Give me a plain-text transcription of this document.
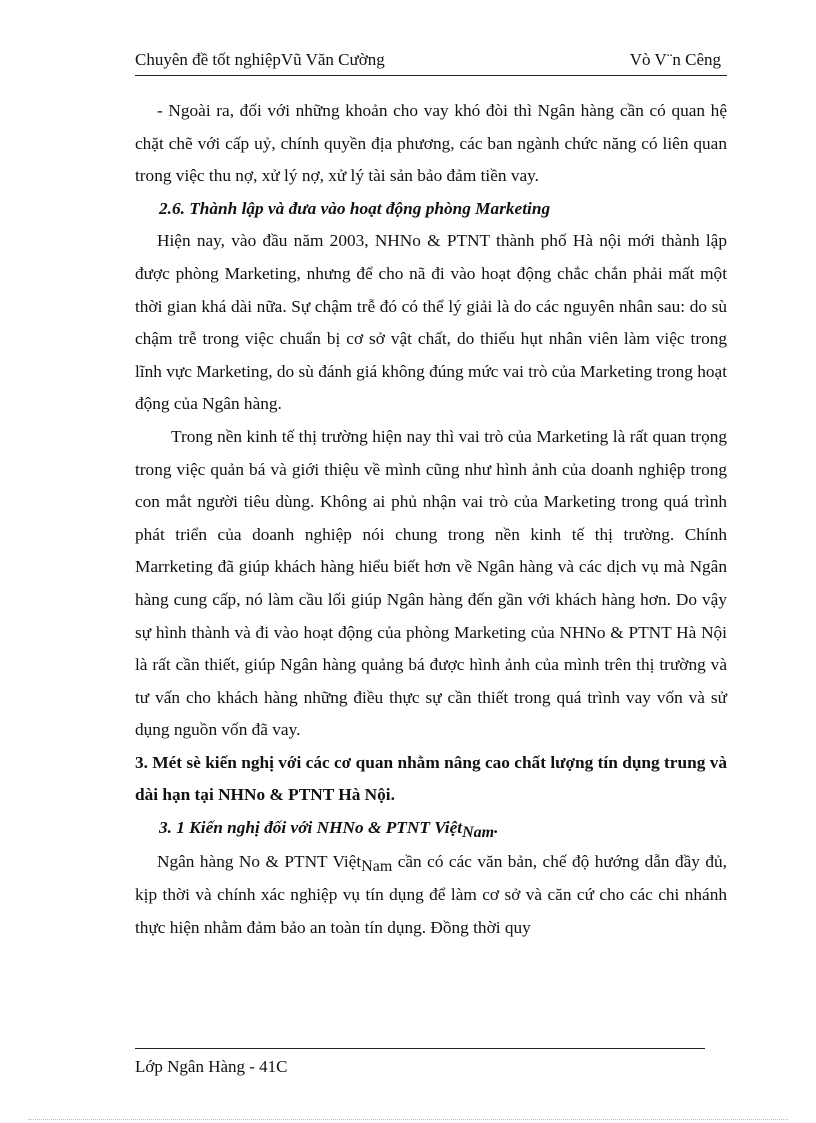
Chuyên đề tốt nghiệpVũ Văn Cường	Vò V¨n Cêng

- Ngoài ra, đối với những khoản cho vay khó đòi thì Ngân hàng cần có quan hệ chặt chẽ với cấp uỷ, chính quyền địa phương, các ban ngành chức năng có liên quan trong việc thu nợ, xử lý nợ, xử lý tài sản bảo đảm tiền vay.

2.6. Thành lập và đưa vào hoạt động phòng Marketing

Hiện nay, vào đầu năm 2003, NHNo & PTNT thành phố Hà nội mới thành lập được phòng Marketing, nhưng để cho nã đi vào hoạt động chắc chắn phải mất một thời gian khá dài nữa. Sự chậm trễ đó có thể lý giải là do các nguyên nhân sau: do sù chậm trễ trong việc chuẩn bị cơ sở vật chất, do thiếu hụt nhân viên làm việc trong lĩnh vực Marketing, do sù đánh giá không đúng mức vai trò của Marketing trong hoạt động của Ngân hàng.

Trong nền kinh tế thị trường hiện nay thì vai trò của Marketing là rất quan trọng trong việc quản bá và giới thiệu về mình cũng như hình ảnh của doanh nghiệp trong con mắt người tiêu dùng. Không ai phủ nhận vai trò của Marketing trong quá trình phát triển của doanh nghiệp nói chung trong nền kinh tế thị trường. Chính Marrketing đã giúp khách hàng hiểu biết hơn về Ngân hàng và các dịch vụ mà Ngân hàng cung cấp, nó làm cầu lối giúp Ngân hàng đến gần với khách hàng hơn. Do vậy sự hình thành và đi vào hoạt động của phòng Marketing của NHNo & PTNT Hà Nội là rất cần thiết, giúp Ngân hàng quảng bá được hình ảnh của mình trên thị trường và tư vấn cho khách hàng những điều thực sự cần thiết trong quá trình vay vốn và sử dụng nguồn vốn đã vay.

3. Mét sè kiến nghị với các cơ quan nhằm nâng cao chất lượng tín dụng trung và dài hạn tại NHNo & PTNT Hà Nội.
3. 1 Kiến nghị đối với NHNo & PTNT ViệtNam.

Ngân hàng No & PTNT ViệtNam cần có các văn bản, chế độ hướng dẫn đầy đủ, kịp thời và chính xác nghiệp vụ tín dụng để làm cơ sở và căn cứ cho các chi nhánh thực hiện nhằm đảm bảo an toàn tín dụng. Đồng thời quy

Lớp Ngân Hàng - 41C
